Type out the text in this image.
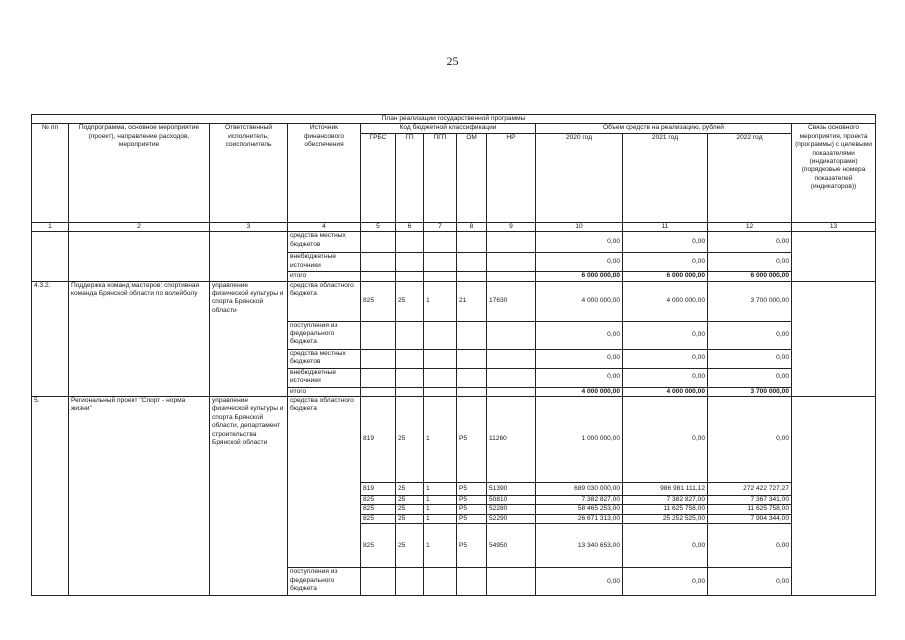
25
План реализации государственной программы												
№ пп	Подпрограмма, основное мероприятие (проект), направление расходов, мероприятие	Ответственный исполнитель, соисполнитель	Источник финансового обеспечения	Код бюджетной классификации					Объем средств на реализацию, рублей			Связь основного мероприятия, проекта (программы) с целевыми показателями (индикаторами) (порядковые номера показателей (индикаторов))
				ГРБС	ГП	ПГП	ОМ	НР	2020 год	2021 год	2022 год	
1	2	3	4	5	6	7	8	9	10	11	12	13
			средства местных бюджетов						0,00	0,00	0,00	
			внебюджетные источники						0,00	0,00	0,00	
			итого						6 000 000,00	6 000 000,00	6 000 000,00	
4.3.2.	Поддержка команд мастеров: спортивная команда Брянской области по волейболу	управление физической культуры и спорта Брянской области	средства областного бюджета	825	25	1	21	17630	4 000 000,00	4 000 000,00	3 700 000,00	
			поступления из федерального бюджета						0,00	0,00	0,00	
			средства местных бюджетов						0,00	0,00	0,00	
			внебюджетные источники						0,00	0,00	0,00	
			итого						4 000 000,00	4 000 000,00	3 700 000,00	
5.	Региональный проект "Спорт - норма жизни"	управление физической культуры и спорта Брянской области, департамент строительства Брянской области	средства областного бюджета	819	25	1	P5	11260	1 000 000,00	0,00	0,00	
				819	25	1	P5	51390	689 030 000,00	986 981 111,12	272 422 727,27	
				825	25	1	P5	50810	7 382 827,00	7 382 827,00	7 367 341,00	
				825	25	1	P5	52280	58 465 253,00	11 625 758,00	11 625 758,00	
				825	25	1	P5	52290	26 671 313,00	25 252 525,00	7 904 344,00	
				825	25	1	P5	54950	13 340 653,00	0,00	0,00	
			поступления из федерального бюджета						0,00	0,00	0,00	
